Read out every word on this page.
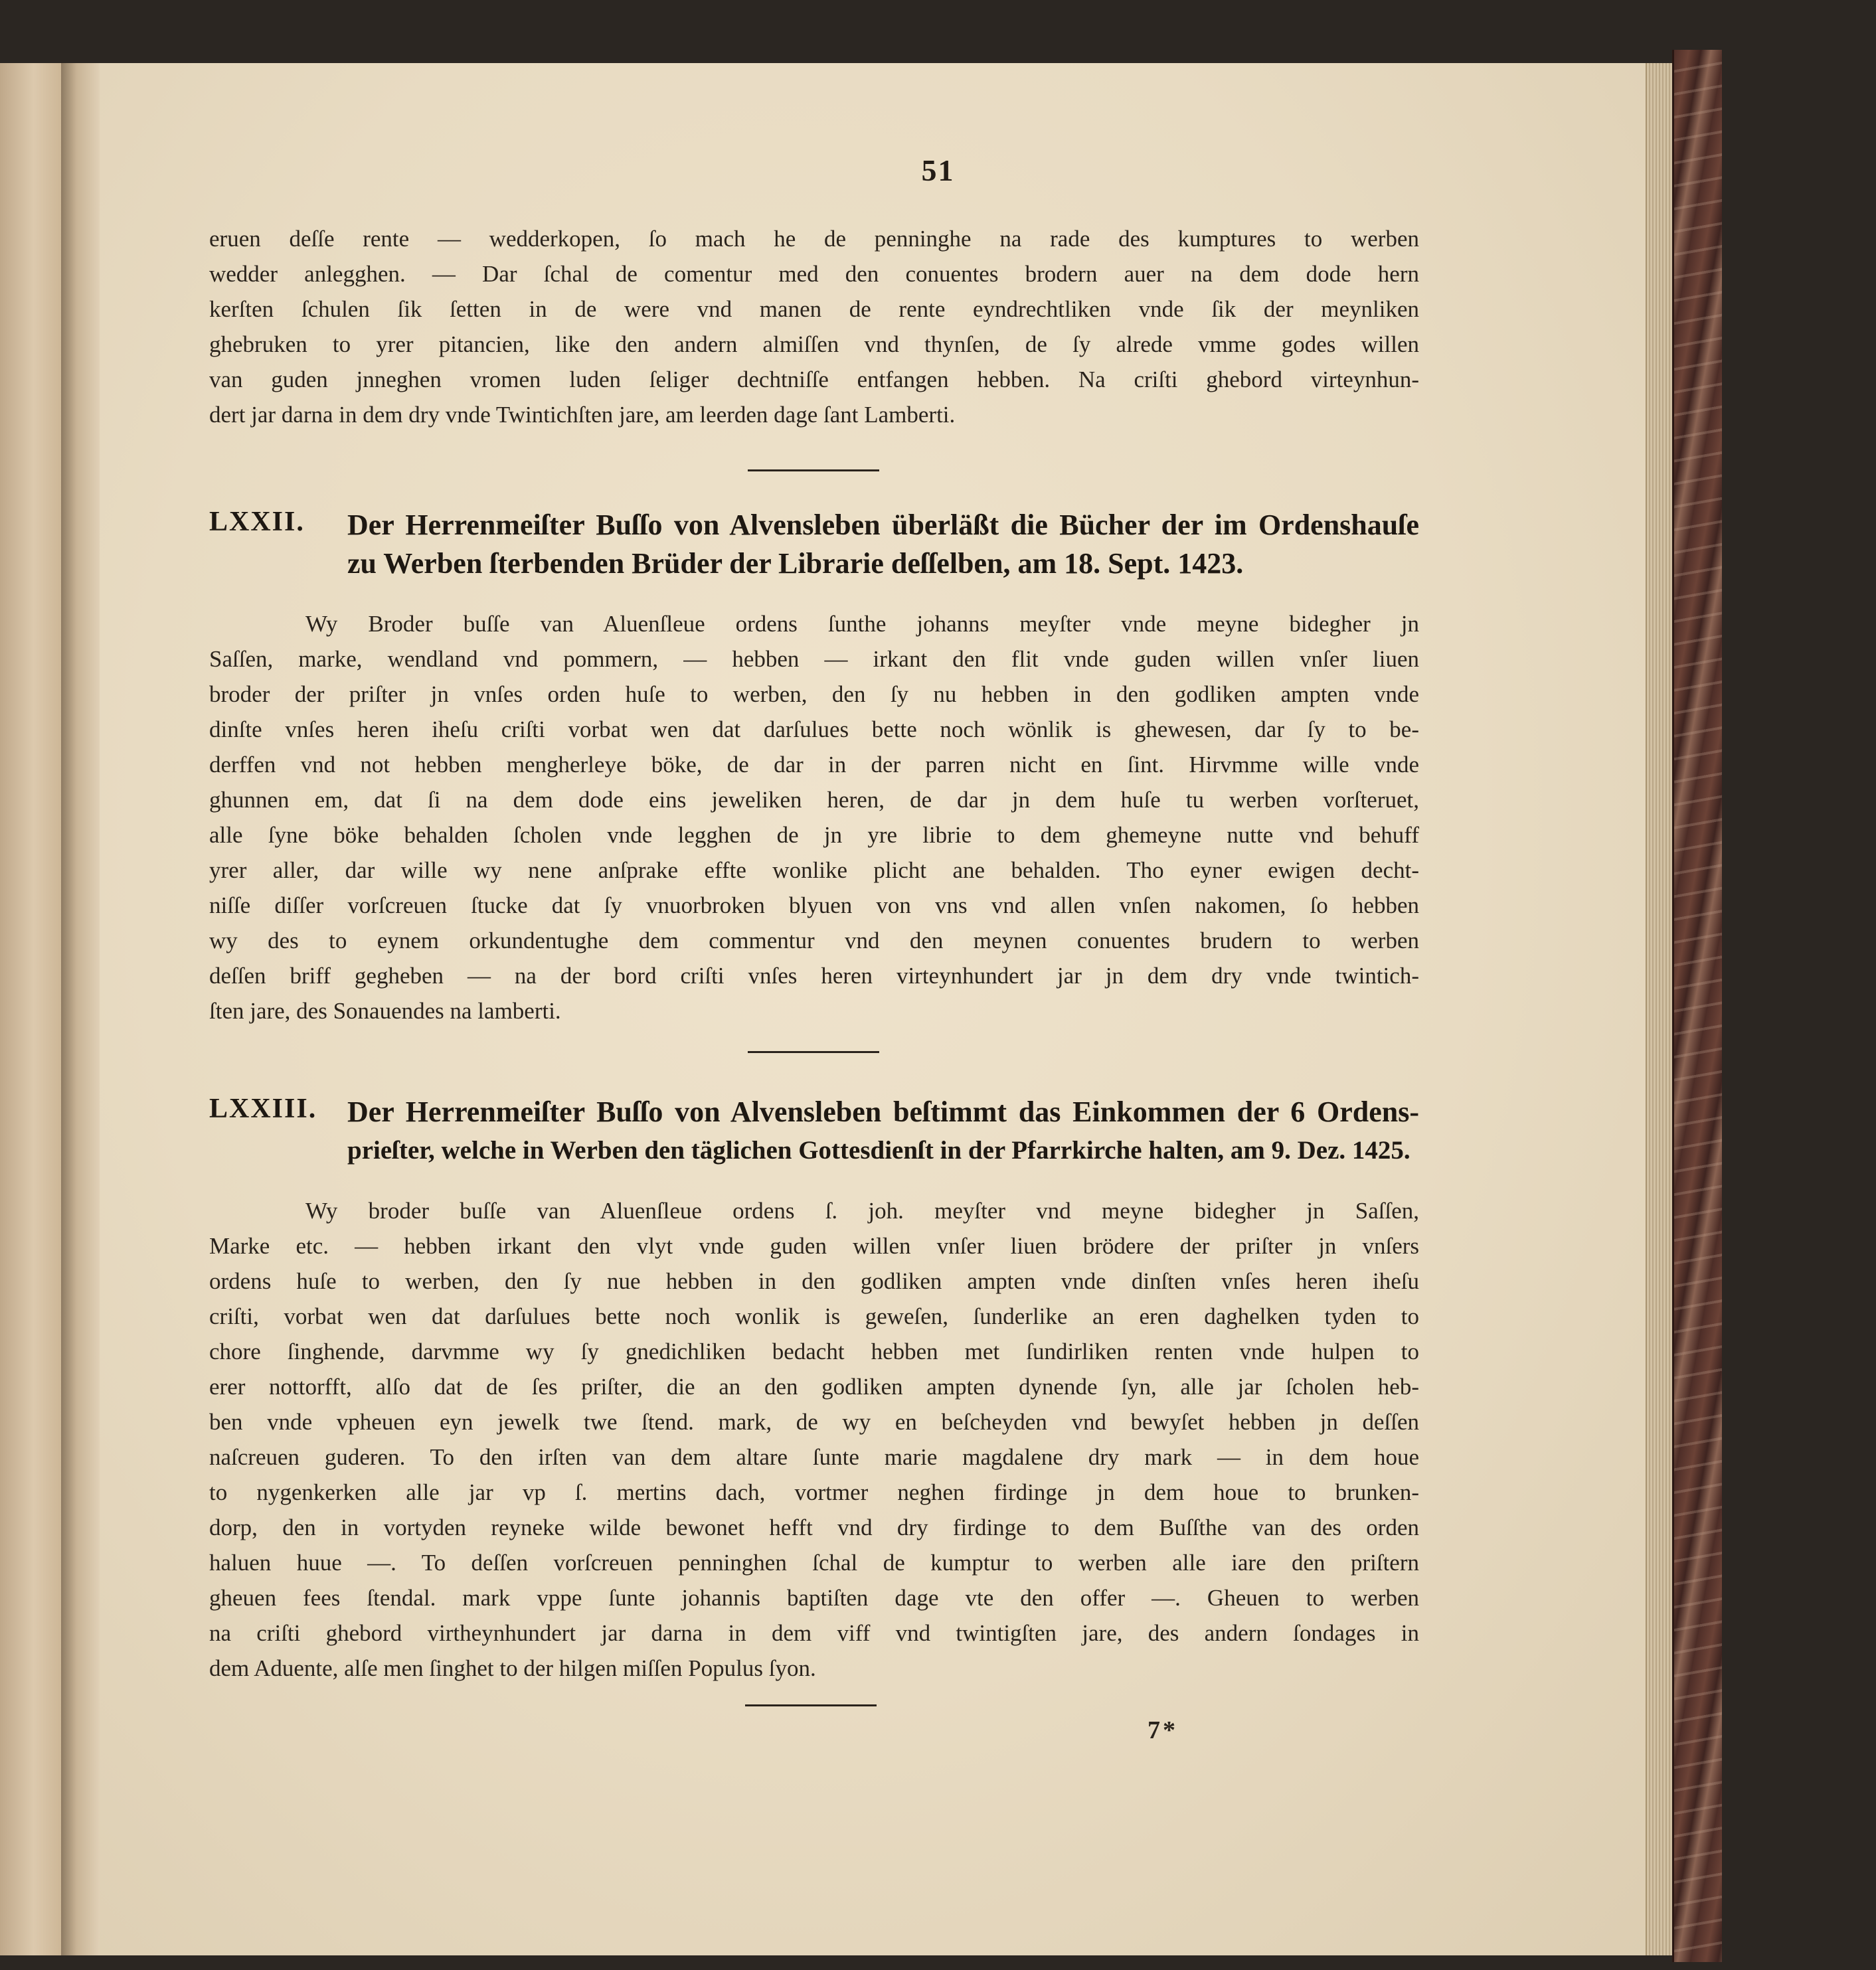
51

eruen deſſe rente — wedderkopen, ſo mach he de penninghe na rade des kumptures to werben
wedder anlegghen. — Dar ſchal de comentur med den conuentes brodern auer na dem dode hern
kerſten ſchulen ſik ſetten in de were vnd manen de rente eyndrechtliken vnde ſik der meynliken
ghebruken to yrer pitancien, like den andern almiſſen vnd thynſen, de ſy alrede vmme godes willen
van guden jnneghen vromen luden ſeliger dechtniſſe entfangen hebben. Na criſti ghebord virteynhun-
dert jar darna in dem dry vnde Twintichſten jare, am leerden dage ſant Lamberti.

LXXII. Der Herrenmeiſter Buſſo von Alvensleben überläßt die Bücher der im Ordenshauſe
zu Werben ſterbenden Brüder der Librarie deſſelben, am 18. Sept. 1423.

Wy Broder buſſe van Aluenſleue ordens ſunthe johanns meyſter vnde meyne bidegher jn
Saſſen, marke, wendland vnd pommern, — hebben — irkant den flit vnde guden willen vnſer liuen
broder der priſter jn vnſes orden huſe to werben, den ſy nu hebben in den godliken ampten vnde
dinſte vnſes heren iheſu criſti vorbat wen dat darſulues bette noch wönlik is ghewesen, dar ſy to be-
derffen vnd not hebben mengherleye böke, de dar in der parren nicht en ſint. Hirvmme wille vnde
ghunnen em, dat ſi na dem dode eins jeweliken heren, de dar jn dem huſe tu werben vorſteruet,
alle ſyne böke behalden ſcholen vnde legghen de jn yre librie to dem ghemeyne nutte vnd behuff
yrer aller, dar wille wy nene anſprake effte wonlike plicht ane behalden. Tho eyner ewigen decht-
niſſe diſſer vorſcreuen ſtucke dat ſy vnuorbroken blyuen von vns vnd allen vnſen nakomen, ſo hebben
wy des to eynem orkundentughe dem commentur vnd den meynen conuentes brudern to werben
deſſen briff gegheben — na der bord criſti vnſes heren virteynhundert jar jn dem dry vnde twintich-
ſten jare, des Sonauendes na lamberti.

LXXIII. Der Herrenmeiſter Buſſo von Alvensleben beſtimmt das Einkommen der 6 Ordens-
prieſter, welche in Werben den täglichen Gottesdienſt in der Pfarrkirche halten, am 9. Dez. 1425.

Wy broder buſſe van Aluenſleue ordens ſ. joh. meyſter vnd meyne bidegher jn Saſſen,
Marke etc. — hebben irkant den vlyt vnde guden willen vnſer liuen brödere der priſter jn vnſers
ordens huſe to werben, den ſy nue hebben in den godliken ampten vnde dinſten vnſes heren iheſu
criſti, vorbat wen dat darſulues bette noch wonlik is geweſen, ſunderlike an eren daghelken tyden to
chore ſinghende, darvmme wy ſy gnedichliken bedacht hebben met ſundirliken renten vnde hulpen to
erer nottorfft, alſo dat de ſes priſter, die an den godliken ampten dynende ſyn, alle jar ſcholen heb-
ben vnde vpheuen eyn jewelk twe ſtend. mark, de wy en beſcheyden vnd bewyſet hebben jn deſſen
naſcreuen guderen. To den irſten van dem altare ſunte marie magdalene dry mark — in dem houe
to nygenkerken alle jar vp ſ. mertins dach, vortmer neghen firdinge jn dem houe to brunken-
dorp, den in vortyden reyneke wilde bewonet hefft vnd dry firdinge to dem Buſſthe van des orden
haluen huue —. To deſſen vorſcreuen penninghen ſchal de kumptur to werben alle iare den priſtern
gheuen fees ſtendal. mark vppe ſunte johannis baptiſten dage vte den offer —. Gheuen to werben
na criſti ghebord virtheynhundert jar darna in dem viff vnd twintigſten jare, des andern ſondages in
dem Aduente, alſe men ſinghet to der hilgen miſſen Populus ſyon.

7*
